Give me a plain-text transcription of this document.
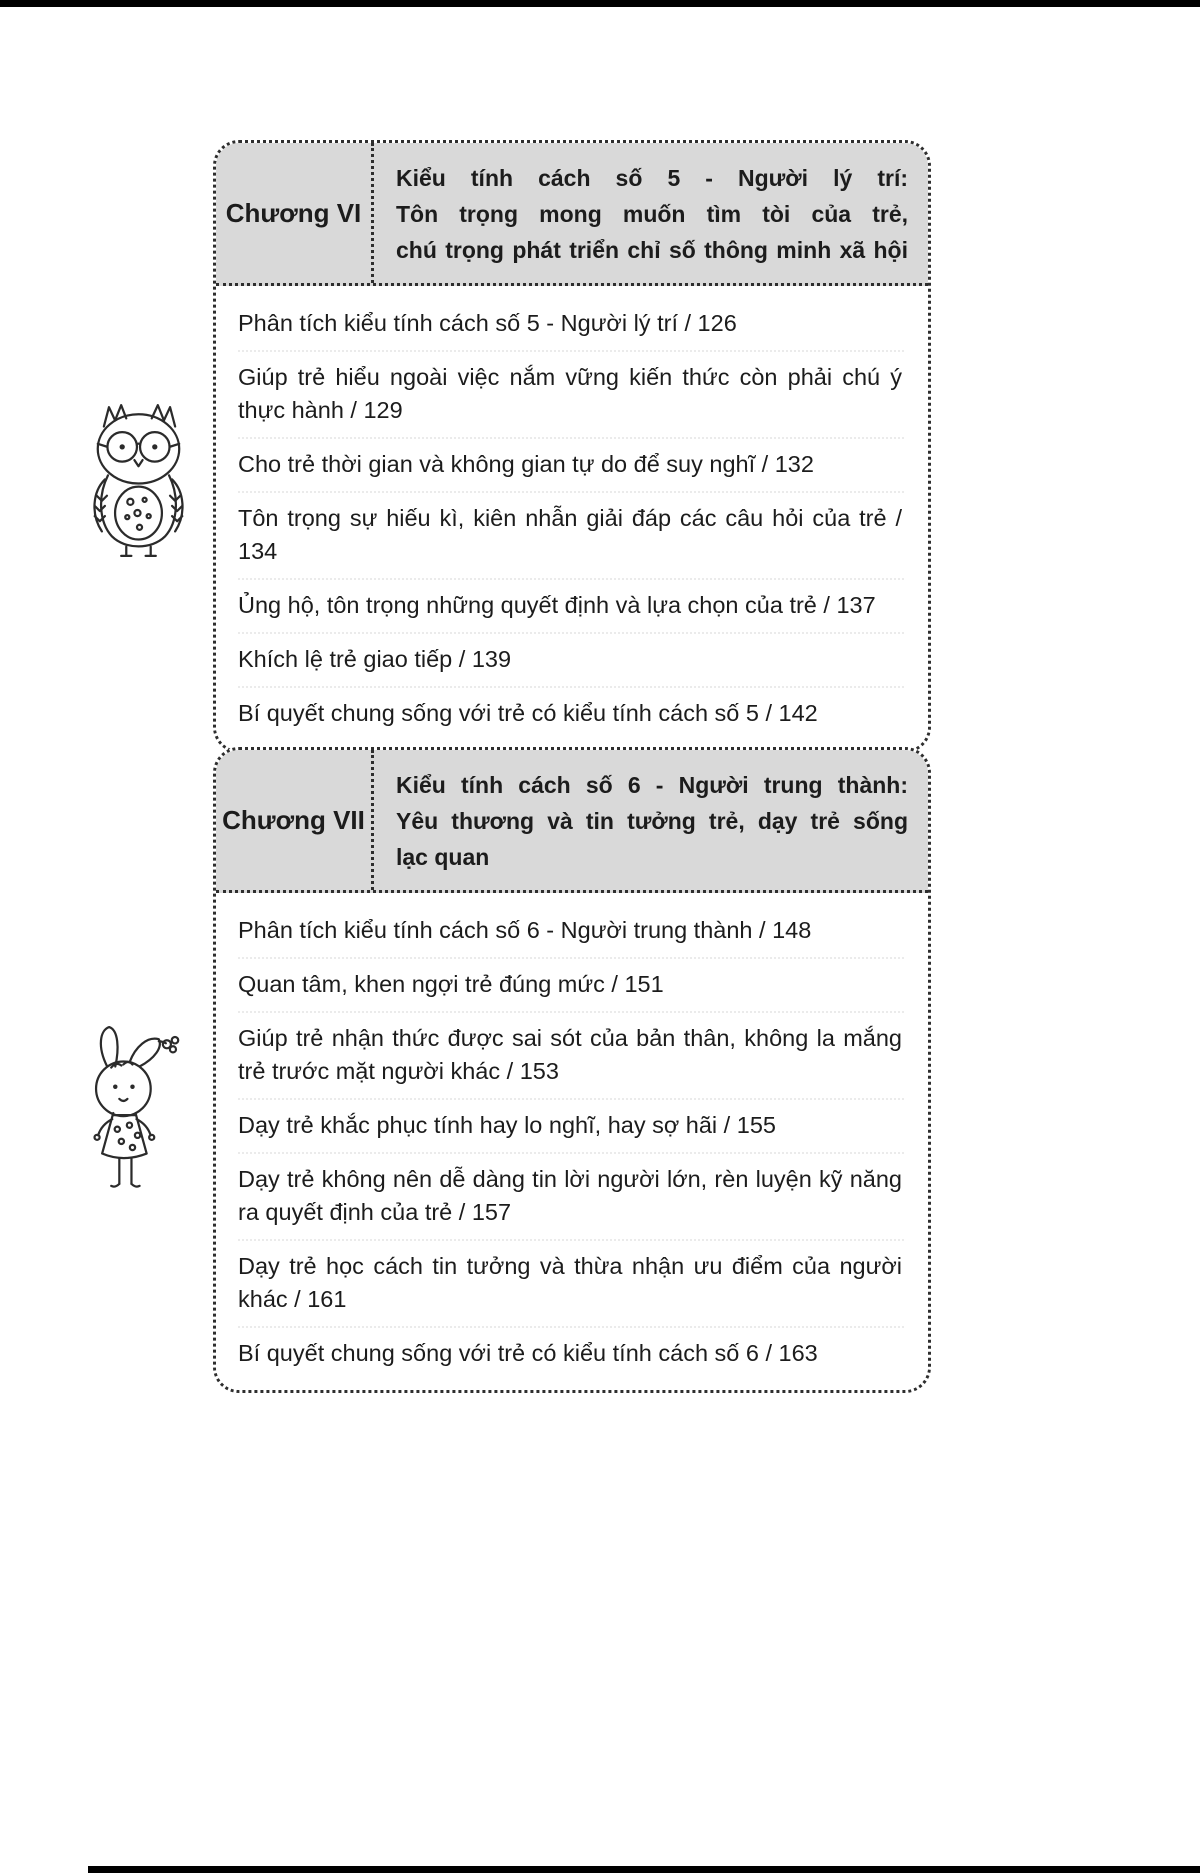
Chương VI
Kiểu tính cách số 5 - Người lý trí:
Tôn trọng mong muốn tìm tòi của trẻ,
chú trọng phát triển chỉ số thông minh xã hội
Phân tích kiểu tính cách số 5 - Người lý trí / 126
Giúp trẻ hiểu ngoài việc nắm vững kiến thức còn phải chú ý thực hành / 129
Cho trẻ thời gian và không gian tự do để suy nghĩ / 132
Tôn trọng sự hiếu kì, kiên nhẫn giải đáp các câu hỏi của trẻ / 134
Ủng hộ, tôn trọng những quyết định và lựa chọn của trẻ / 137
Khích lệ trẻ giao tiếp / 139
Bí quyết chung sống với trẻ có kiểu tính cách số 5 / 142
Chương VII
Kiểu tính cách số 6 - Người trung thành:
Yêu thương và tin tưởng trẻ, dạy trẻ sống
lạc quan
Phân tích kiểu tính cách số 6 - Người trung thành / 148
Quan tâm, khen ngợi trẻ đúng mức / 151
Giúp trẻ nhận thức được sai sót của bản thân, không la mắng trẻ trước mặt người khác / 153
Dạy trẻ khắc phục tính hay lo nghĩ, hay sợ hãi / 155
Dạy trẻ không nên dễ dàng tin lời người lớn, rèn luyện kỹ năng ra quyết định của trẻ / 157
Dạy trẻ học cách tin tưởng và thừa nhận ưu điểm của người khác / 161
Bí quyết chung sống với trẻ có kiểu tính cách số 6 / 163
